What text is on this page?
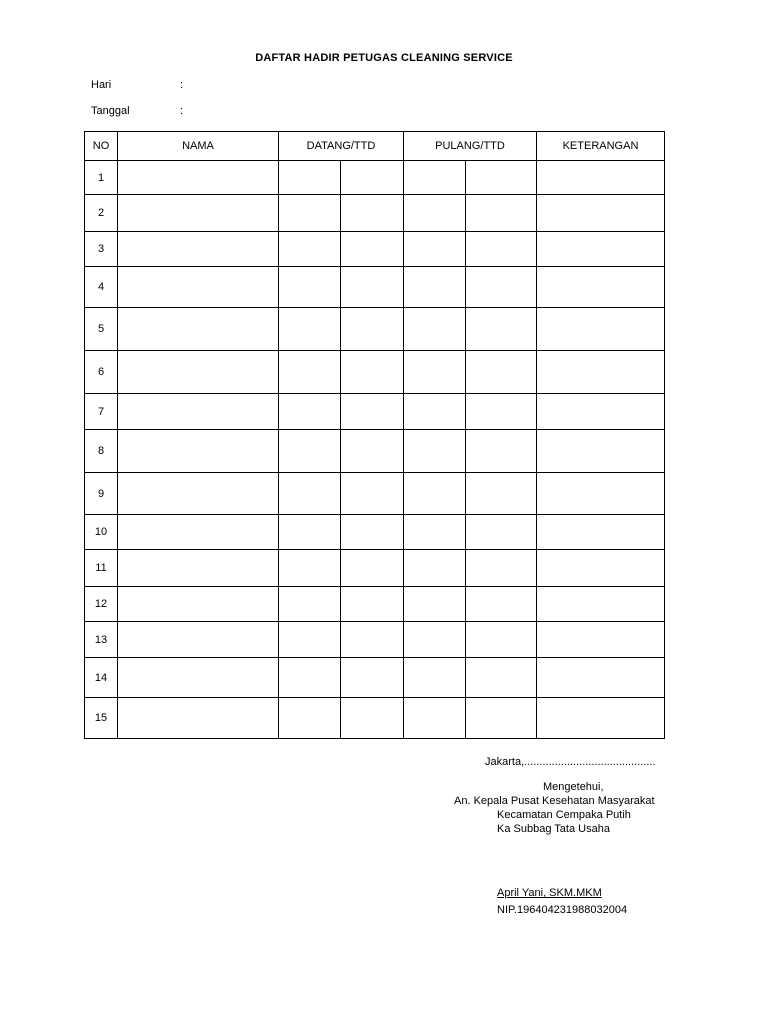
DAFTAR HADIR PETUGAS CLEANING SERVICE
Hari	:
Tanggal	:
NO	NAMA	DATANG/TTD		PULANG/TTD		KETERANGAN
1						
2						
3						
4						
5						
6						
7						
8						
9						
10						
11						
12						
13						
14						
15						
Jakarta,...........................................
Mengetehui,
An. Kepala Pusat Kesehatan Masyarakat
Kecamatan Cempaka Putih
Ka Subbag Tata Usaha
April Yani, SKM.MKM
NIP.196404231988032004
